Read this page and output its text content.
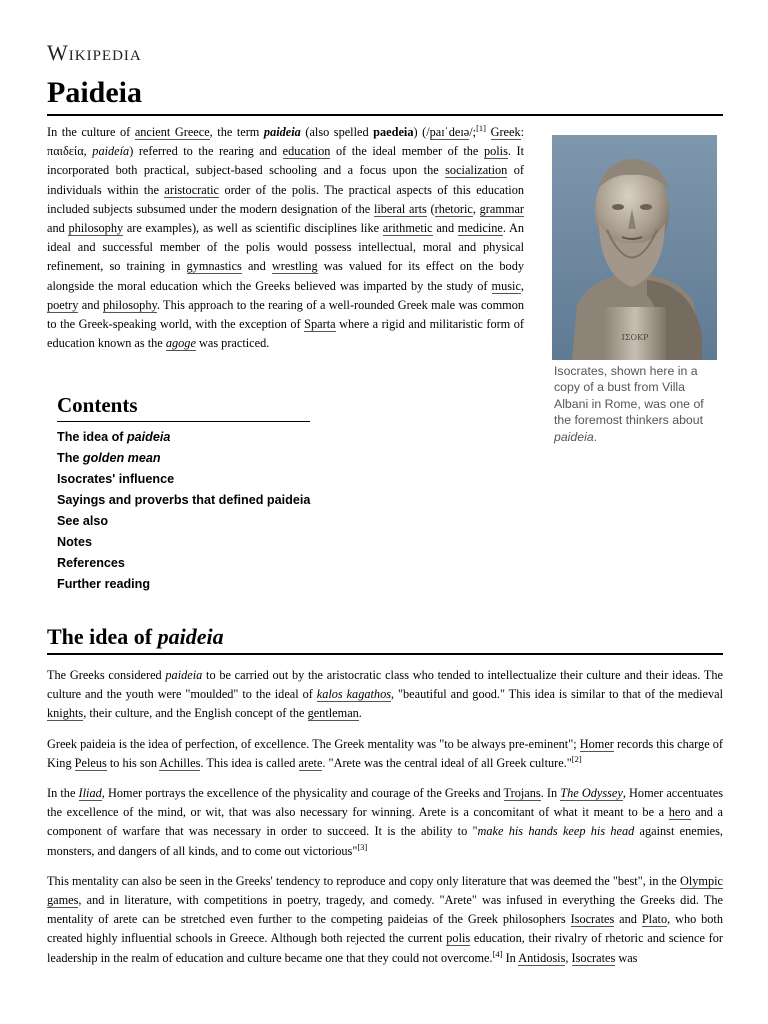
Wikipedia
Paideia

In the culture of ancient Greece, the term paideia (also spelled paedeia) (/paɪˈdeɪə/;[1] Greek: παιδεία, paideía) referred to the rearing and education of the ideal member of the polis. It incorporated both practical, subject-based schooling and a focus upon the socialization of individuals within the aristocratic order of the polis. The practical aspects of this education included subjects subsumed under the modern designation of the liberal arts (rhetoric, grammar and philosophy are examples), as well as scientific disciplines like arithmetic and medicine. An ideal and successful member of the polis would possess intellectual, moral and physical refinement, so training in gymnastics and wrestling was valued for its effect on the body alongside the moral education which the Greeks believed was imparted by the study of music, poetry and philosophy. This approach to the rearing of a well-rounded Greek male was common to the Greek-speaking world, with the exception of Sparta where a rigid and militaristic form of education known as the agoge was practiced.	ΙΣΟΚΡ
Isocrates, shown here in a copy of a bust from Villa Albani in Rome, was one of the foremost thinkers about paideia.
Contents
The idea of paideia
The golden mean
Isocrates' influence
Sayings and proverbs that defined paideia
See also
Notes
References
Further reading
The idea of paideia

The Greeks considered paideia to be carried out by the aristocratic class who tended to intellectualize their culture and their ideas. The culture and the youth were "moulded" to the ideal of kalos kagathos, "beautiful and good." This idea is similar to that of the medieval knights, their culture, and the English concept of the gentleman.

Greek paideia is the idea of perfection, of excellence. The Greek mentality was "to be always pre-eminent"; Homer records this charge of King Peleus to his son Achilles. This idea is called arete. "Arete was the central ideal of all Greek culture."[2]

In the Iliad, Homer portrays the excellence of the physicality and courage of the Greeks and Trojans. In The Odyssey, Homer accentuates the excellence of the mind, or wit, that was also necessary for winning. Arete is a concomitant of what it meant to be a hero and a component of warfare that was necessary in order to succeed. It is the ability to "make his hands keep his head against enemies, monsters, and dangers of all kinds, and to come out victorious"[3]

This mentality can also be seen in the Greeks' tendency to reproduce and copy only literature that was deemed the "best", in the Olympic games, and in literature, with competitions in poetry, tragedy, and comedy. "Arete" was infused in everything the Greeks did. The mentality of arete can be stretched even further to the competing paideias of the Greek philosophers Isocrates and Plato, who both created highly influential schools in Greece. Although both rejected the current polis education, their rivalry of rhetoric and science for leadership in the realm of education and culture became one that they could not overcome.[4] In Antidosis, Isocrates was
